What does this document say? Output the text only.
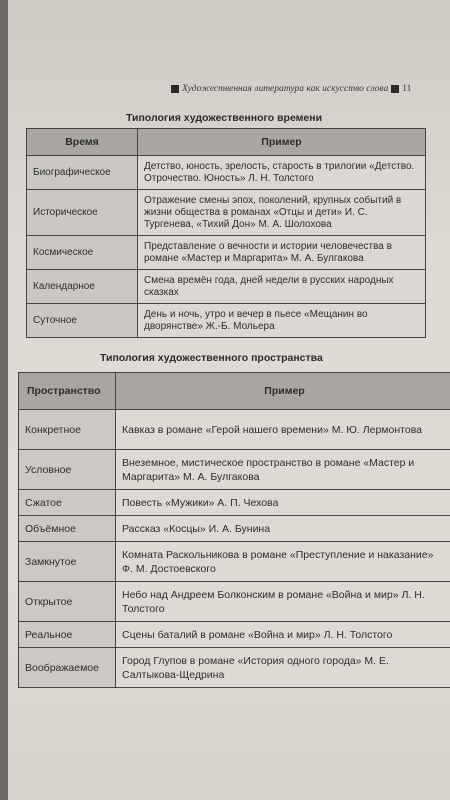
Художественная литература как искусство слова 11
Типология художественного времени
Время	Пример
Биографическое	Детство, юность, зрелость, старость в трилогии «Детство. Отрочество. Юность» Л. Н. Толстого
Историческое	Отражение смены эпох, поколений, крупных событий в жизни общества в романах «Отцы и дети» И. С. Тургенева, «Тихий Дон» М. А. Шолохова
Космическое	Представление о вечности и истории человечества в романе «Мастер и Маргарита» М. А. Булгакова
Календарное	Смена времён года, дней недели в русских народных сказках
Суточное	День и ночь, утро и вечер в пьесе «Мещанин во дворянстве» Ж.-Б. Мольера
Типология художественного пространства
Пространство	Пример
Конкретное	Кавказ в романе «Герой нашего времени» М. Ю. Лермонтова
Условное	Внеземное, мистическое пространство в романе «Мастер и Маргарита» М. А. Булгакова
Сжатое	Повесть «Мужики» А. П. Чехова
Объёмное	Рассказ «Косцы» И. А. Бунина
Замкнутое	Комната Раскольникова в романе «Преступление и наказание» Ф. М. Достоевского
Открытое	Небо над Андреем Болконским в романе «Война и мир» Л. Н. Толстого
Реальное	Сцены баталий в романе «Война и мир» Л. Н. Толстого
Воображаемое	Город Глупов в романе «История одного города» М. Е. Салтыкова-Щедрина
